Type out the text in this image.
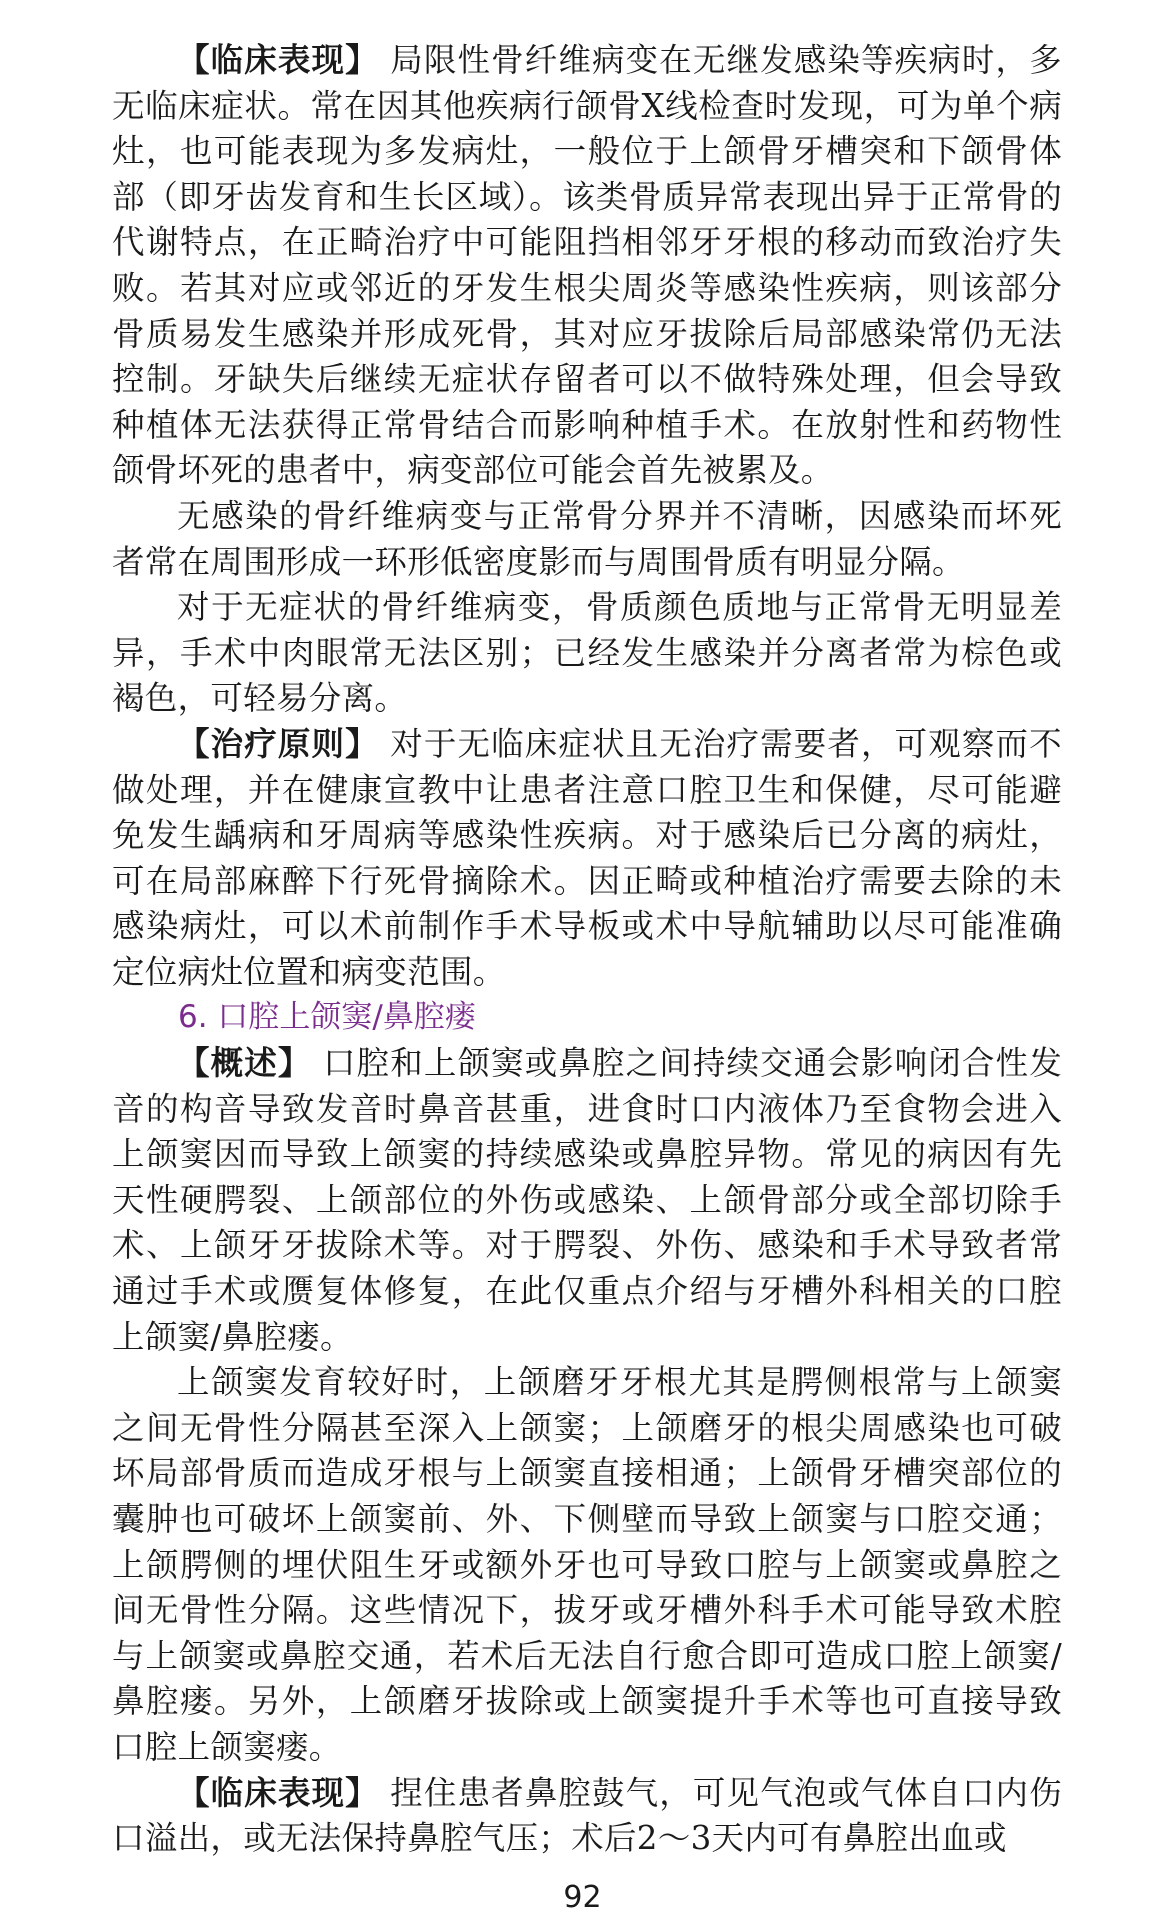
【临床表现】 局限性骨纤维病变在无继发感染等疾病时，多无临床症状。常在因其他疾病行颌骨X线检查时发现，可为单个病灶，也可能表现为多发病灶，一般位于上颌骨牙槽突和下颌骨体部（即牙齿发育和生长区域）。该类骨质异常表现出异于正常骨的代谢特点，在正畸治疗中可能阻挡相邻牙牙根的移动而致治疗失败。若其对应或邻近的牙发生根尖周炎等感染性疾病，则该部分骨质易发生感染并形成死骨，其对应牙拔除后局部感染常仍无法控制。牙缺失后继续无症状存留者可以不做特殊处理，但会导致种植体无法获得正常骨结合而影响种植手术。在放射性和药物性颌骨坏死的患者中，病变部位可能会首先被累及。

无感染的骨纤维病变与正常骨分界并不清晰，因感染而坏死者常在周围形成一环形低密度影而与周围骨质有明显分隔。

对于无症状的骨纤维病变，骨质颜色质地与正常骨无明显差异，手术中肉眼常无法区别；已经发生感染并分离者常为棕色或褐色，可轻易分离。

【治疗原则】 对于无临床症状且无治疗需要者，可观察而不做处理，并在健康宣教中让患者注意口腔卫生和保健，尽可能避免发生龋病和牙周病等感染性疾病。对于感染后已分离的病灶，可在局部麻醉下行死骨摘除术。因正畸或种植治疗需要去除的未感染病灶，可以术前制作手术导板或术中导航辅助以尽可能准确定位病灶位置和病变范围。

6. 口腔上颌窦/鼻腔瘘

【概述】 口腔和上颌窦或鼻腔之间持续交通会影响闭合性发音的构音导致发音时鼻音甚重，进食时口内液体乃至食物会进入上颌窦因而导致上颌窦的持续感染或鼻腔异物。常见的病因有先天性硬腭裂、上颌部位的外伤或感染、上颌骨部分或全部切除手术、上颌牙牙拔除术等。对于腭裂、外伤、感染和手术导致者常通过手术或赝复体修复，在此仅重点介绍与牙槽外科相关的口腔上颌窦/鼻腔瘘。

上颌窦发育较好时，上颌磨牙牙根尤其是腭侧根常与上颌窦之间无骨性分隔甚至深入上颌窦；上颌磨牙的根尖周感染也可破坏局部骨质而造成牙根与上颌窦直接相通；上颌骨牙槽突部位的囊肿也可破坏上颌窦前、外、下侧壁而导致上颌窦与口腔交通；上颌腭侧的埋伏阻生牙或额外牙也可导致口腔与上颌窦或鼻腔之间无骨性分隔。这些情况下，拔牙或牙槽外科手术可能导致术腔与上颌窦或鼻腔交通，若术后无法自行愈合即可造成口腔上颌窦/鼻腔瘘。另外，上颌磨牙拔除或上颌窦提升手术等也可直接导致口腔上颌窦瘘。

【临床表现】 捏住患者鼻腔鼓气，可见气泡或气体自口内伤口溢出，或无法保持鼻腔气压；术后2～3天内可有鼻腔出血或

92
